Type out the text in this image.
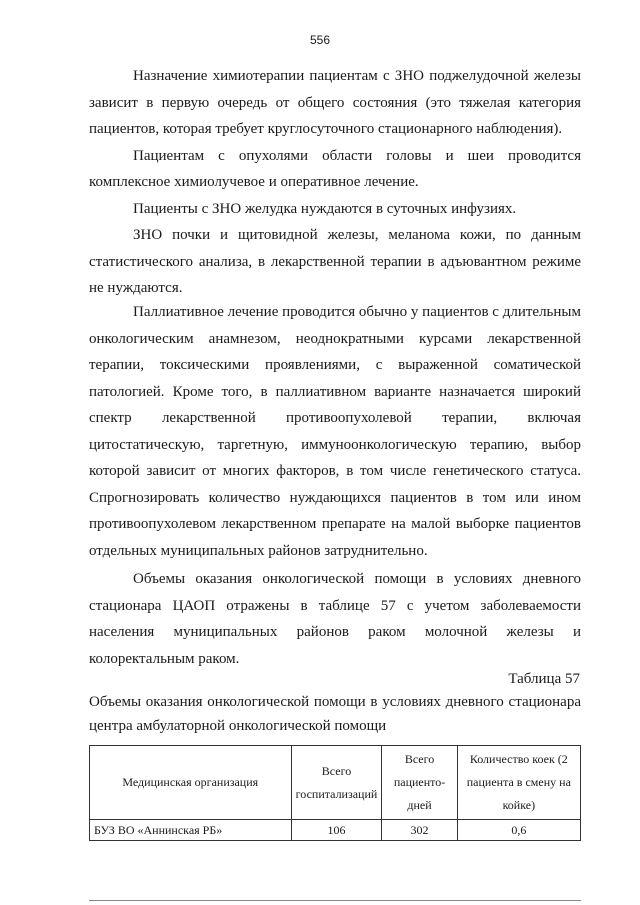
556

Назначение химиотерапии пациентам с ЗНО поджелудочной железы зависит в первую очередь от общего состояния (это тяжелая категория пациентов, которая требует круглосуточного стационарного наблюдения).

Пациентам с опухолями области головы и шеи проводится комплексное химиолучевое и оперативное лечение.

Пациенты с ЗНО желудка нуждаются в суточных инфузиях.

ЗНО почки и щитовидной железы, меланома кожи, по данным статистического анализа, в лекарственной терапии в адъювантном режиме не нуждаются.

Паллиативное лечение проводится обычно у пациентов с длительным онкологическим анамнезом, неоднократными курсами лекарственной терапии, токсическими проявлениями, с выраженной соматической патологией. Кроме того, в паллиативном варианте назначается широкий спектр лекарственной противоопухолевой терапии, включая цитостатическую, таргетную, иммуноонкологическую терапию, выбор которой зависит от многих факторов, в том числе генетического статуса. Спрогнозировать количество нуждающихся пациентов в том или ином противоопухолевом лекарственном препарате на малой выборке пациентов отдельных муниципальных районов затруднительно.

Объемы оказания онкологической помощи в условиях дневного стационара ЦАОП отражены в таблице 57 с учетом заболеваемости населения муниципальных районов раком молочной железы и колоректальным раком.

Таблица 57
Объемы оказания онкологической помощи в условиях дневного стационара центра амбулаторной онкологической помощи
Медицинская организация	Всего госпитализаций	Всего пациенто-дней	Количество коек (2 пациента в смену на койке)
БУЗ ВО «Аннинская РБ»	106	302	0,6
